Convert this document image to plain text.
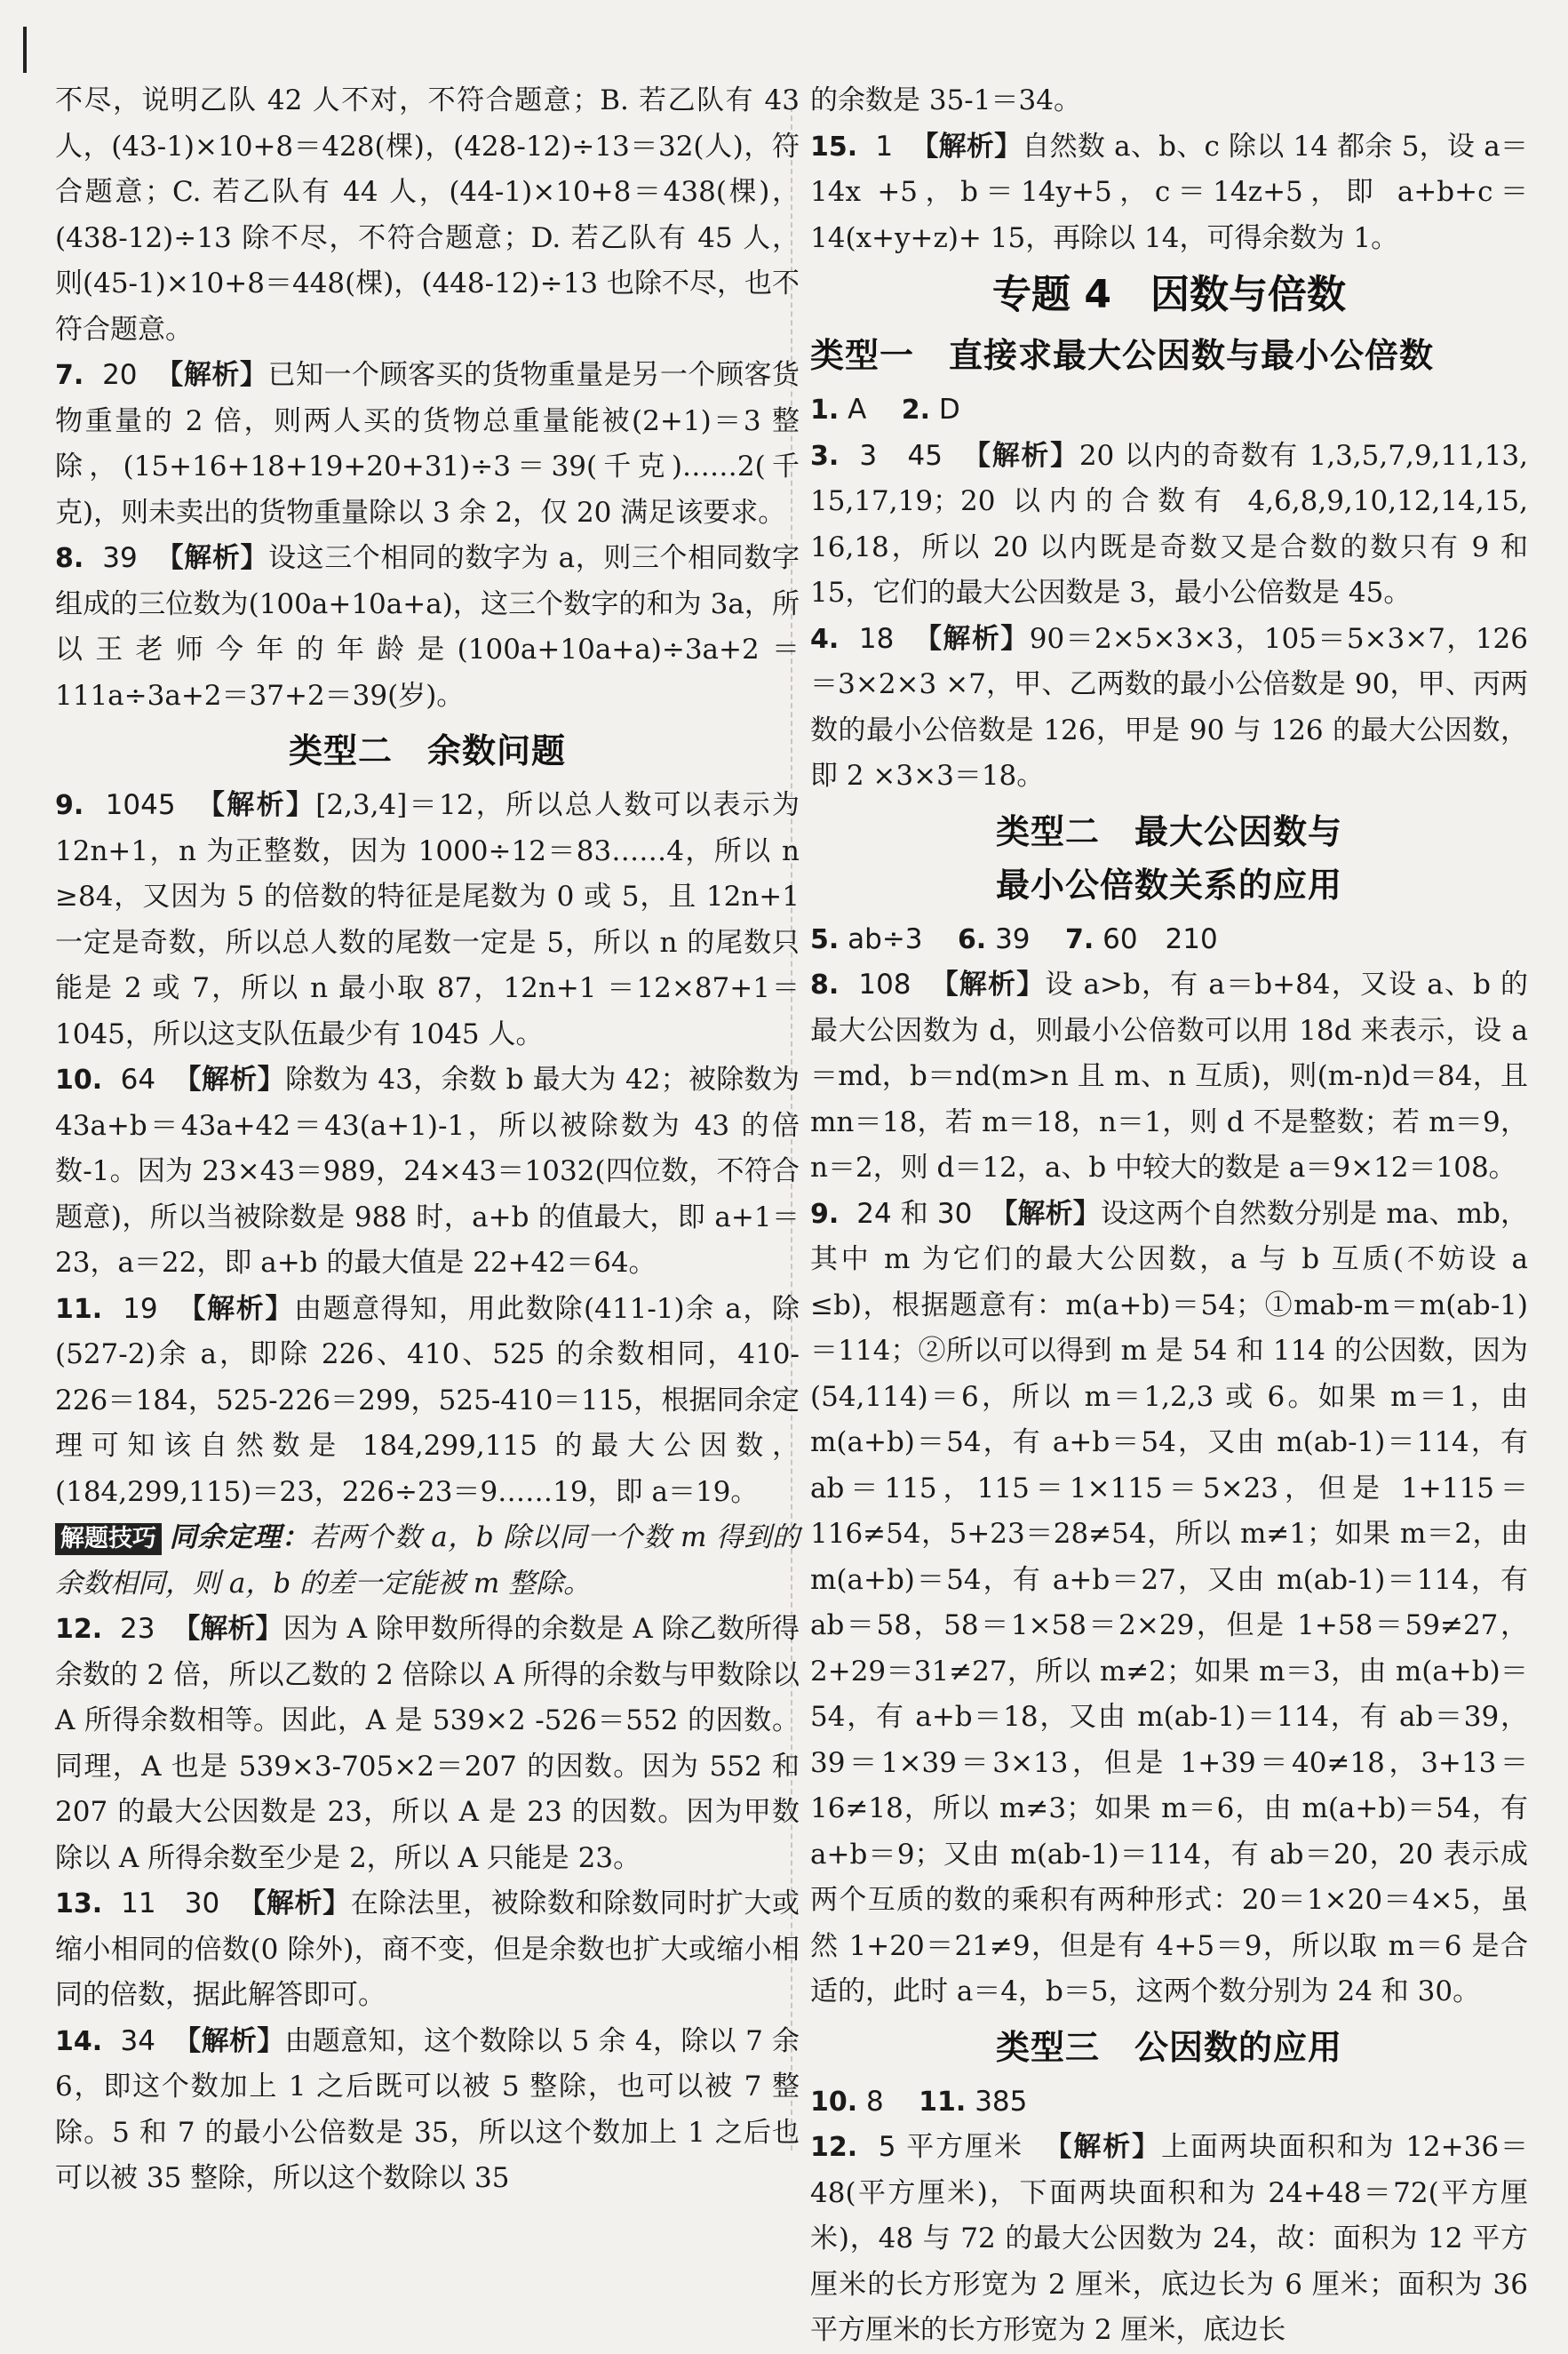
不尽，说明乙队 42 人不对，不符合题意；B. 若乙队有 43 人，(43-1)×10+8＝428(棵)，(428-12)÷13＝32(人)，符合题意；C. 若乙队有 44 人，(44-1)×10+8＝438(棵)，(438-12)÷13 除不尽，不符合题意；D. 若乙队有 45 人，则(45-1)×10+8＝448(棵)，(448-12)÷13 也除不尽，也不符合题意。

7. 20 【解析】已知一个顾客买的货物重量是另一个顾客货物重量的 2 倍，则两人买的货物总重量能被(2+1)＝3 整除，(15+16+18+19+20+31)÷3＝39(千克)……2(千克)，则未卖出的货物重量除以 3 余 2，仅 20 满足该要求。

8. 39 【解析】设这三个相同的数字为 a，则三个相同数字组成的三位数为(100a+10a+a)，这三个数字的和为 3a，所以王老师今年的年龄是(100a+10a+a)÷3a+2＝111a÷3a+2＝37+2＝39(岁)。

类型二　余数问题

9. 1045 【解析】[2,3,4]＝12，所以总人数可以表示为 12n+1，n 为正整数，因为 1000÷12＝83……4，所以 n ≥84，又因为 5 的倍数的特征是尾数为 0 或 5，且 12n+1 一定是奇数，所以总人数的尾数一定是 5，所以 n 的尾数只能是 2 或 7，所以 n 最小取 87，12n+1 ＝12×87+1＝1045，所以这支队伍最少有 1045 人。

10. 64 【解析】除数为 43，余数 b 最大为 42；被除数为 43a+b＝43a+42＝43(a+1)-1，所以被除数为 43 的倍数-1。因为 23×43＝989，24×43＝1032(四位数，不符合题意)，所以当被除数是 988 时，a+b 的值最大，即 a+1＝23，a＝22，即 a+b 的最大值是 22+42＝64。

11. 19 【解析】由题意得知，用此数除(411-1)余 a，除(527-2)余 a，即除 226、410、525 的余数相同，410-226＝184，525-226＝299，525-410＝115，根据同余定理可知该自然数是 184,299,115 的最大公因数，(184,299,115)＝23，226÷23＝9……19，即 a＝19。

解题技巧 同余定理：若两个数 a，b 除以同一个数 m 得到的余数相同，则 a，b 的差一定能被 m 整除。

12. 23 【解析】因为 A 除甲数所得的余数是 A 除乙数所得余数的 2 倍，所以乙数的 2 倍除以 A 所得的余数与甲数除以 A 所得余数相等。因此，A 是 539×2 -526＝552 的因数。同理，A 也是 539×3-705×2＝207 的因数。因为 552 和 207 的最大公因数是 23，所以 A 是 23 的因数。因为甲数除以 A 所得余数至少是 2，所以 A 只能是 23。

13. 11　30 【解析】在除法里，被除数和除数同时扩大或缩小相同的倍数(0 除外)，商不变，但是余数也扩大或缩小相同的倍数，据此解答即可。

14. 34 【解析】由题意知，这个数除以 5 余 4，除以 7 余 6，即这个数加上 1 之后既可以被 5 整除，也可以被 7 整除。5 和 7 的最小公倍数是 35，所以这个数加上 1 之后也可以被 35 整除，所以这个数除以 35

的余数是 35-1＝34。

15. 1 【解析】自然数 a、b、c 除以 14 都余 5，设 a＝14x +5，b＝14y+5，c＝14z+5，即 a+b+c＝14(x+y+z)+ 15，再除以 14，可得余数为 1。

专题 4　因数与倍数
类型一　直接求最大公因数与最小公倍数

1. A 2. D

3. 3　45 【解析】20 以内的奇数有 1,3,5,7,9,11,13, 15,17,19；20 以内的合数有 4,6,8,9,10,12,14,15, 16,18，所以 20 以内既是奇数又是合数的数只有 9 和 15，它们的最大公因数是 3，最小公倍数是 45。

4. 18 【解析】90＝2×5×3×3，105＝5×3×7，126＝3×2×3 ×7，甲、乙两数的最小公倍数是 90，甲、丙两数的最小公倍数是 126，甲是 90 与 126 的最大公因数，即 2 ×3×3＝18。

类型二　最大公因数与
最小公倍数关系的应用

5. ab÷3 6. 39 7. 60　210

8. 108 【解析】设 a>b，有 a＝b+84，又设 a、b 的最大公因数为 d，则最小公倍数可以用 18d 来表示，设 a＝md，b＝nd(m>n 且 m、n 互质)，则(m-n)d＝84，且 mn＝18，若 m＝18，n＝1，则 d 不是整数；若 m＝9，n＝2，则 d＝12，a、b 中较大的数是 a＝9×12＝108。

9. 24 和 30 【解析】设这两个自然数分别是 ma、mb，其中 m 为它们的最大公因数，a 与 b 互质(不妨设 a ≤b)，根据题意有：m(a+b)＝54；①mab-m＝m(ab-1)＝114；②所以可以得到 m 是 54 和 114 的公因数，因为(54,114)＝6，所以 m＝1,2,3 或 6。如果 m＝1，由 m(a+b)＝54，有 a+b＝54，又由 m(ab-1)＝114，有 ab＝115，115＝1×115＝5×23，但是 1+115＝116≠54，5+23＝28≠54，所以 m≠1；如果 m＝2，由 m(a+b)＝54，有 a+b＝27，又由 m(ab-1)＝114，有 ab＝58，58＝1×58＝2×29，但是 1+58＝59≠27，2+29＝31≠27，所以 m≠2；如果 m＝3，由 m(a+b)＝54，有 a+b＝18，又由 m(ab-1)＝114，有 ab＝39，39＝1×39＝3×13，但是 1+39＝40≠18，3+13＝16≠18，所以 m≠3；如果 m＝6，由 m(a+b)＝54，有 a+b＝9；又由 m(ab-1)＝114，有 ab＝20，20 表示成两个互质的数的乘积有两种形式：20＝1×20＝4×5，虽然 1+20＝21≠9，但是有 4+5＝9，所以取 m＝6 是合适的，此时 a＝4，b＝5，这两个数分别为 24 和 30。

类型三　公因数的应用

10. 8 11. 385

12. 5 平方厘米 【解析】上面两块面积和为 12+36＝48(平方厘米)，下面两块面积和为 24+48＝72(平方厘米)，48 与 72 的最大公因数为 24，故：面积为 12 平方厘米的长方形宽为 2 厘米，底边长为 6 厘米；面积为 36 平方厘米的长方形宽为 2 厘米，底边长
